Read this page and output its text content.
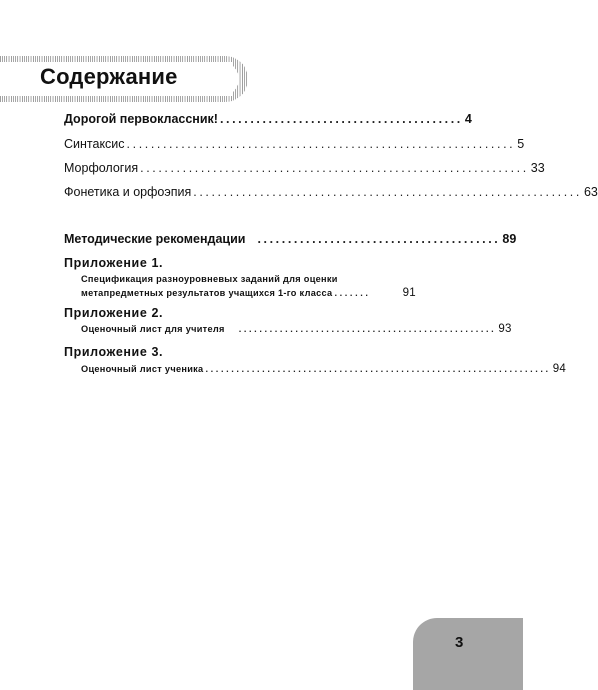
Содержание
Дорогой первоклассник! ........................................ 4
Синтаксис ................................................................ 5
Морфология ................................................................ 33
Фонетика и орфоэпия ................................................................ 63
Методические рекомендации ........................................ 89
Приложение 1.
Спецификация разноуровневых заданий для оценки
метапредметных результатов учащихся 1-го класса .......	91
Приложение 2.
Оценочный лист для учителя .................................................. 93
Приложение 3.
Оценочный лист ученика ................................................................... 94
3
